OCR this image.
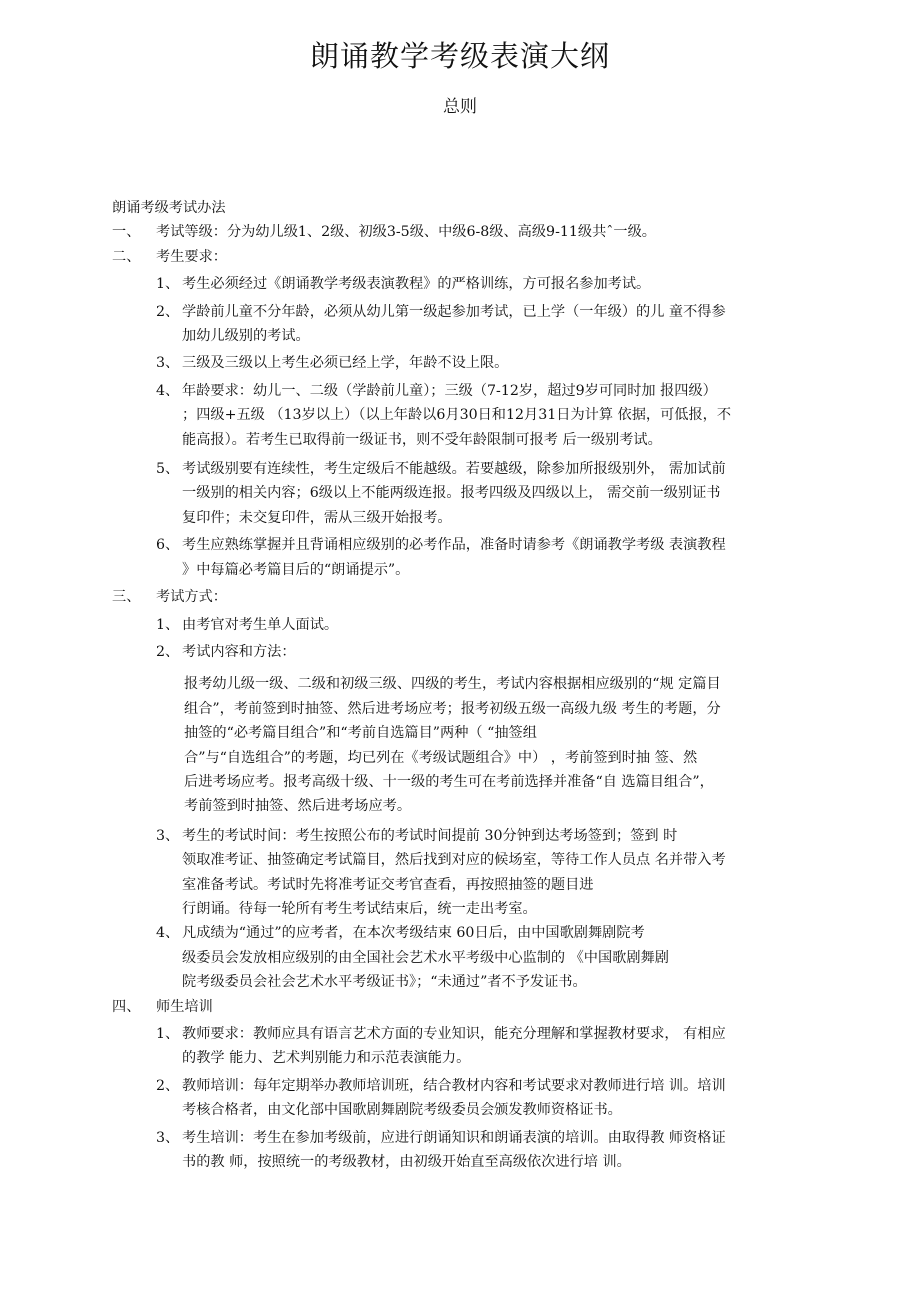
朗诵教学考级表演大纲
总则
朗诵考级考试办法
一、	考试等级：分为幼儿级1、2级、初级3-5级、中级6-8级、高级9-11级共ˆ一级。
二、	考生要求：
1、 考生必须经过《朗诵教学考级表演教程》的严格训练，方可报名参加考试。
2、 学龄前儿童不分年龄，必须从幼儿第一级起参加考试，已上学（一年级）的儿 童不得参
加幼儿级别的考试。
3、 三级及三级以上考生必须已经上学，年龄不设上限。
4、 年龄要求：幼儿一、二级（学龄前儿童）；三级（7-12岁，超过9岁可同时加 报四级）
；四级+五级 （13岁以上）（以上年龄以6月30日和12月31日为计算 依据，可低报，不
能高报）。若考生已取得前一级证书，则不受年龄限制可报考 后一级别考试。
5、 考试级别要有连续性，考生定级后不能越级。若要越级，除参加所报级别外， 需加试前
一级别的相关内容；6级以上不能两级连报。报考四级及四级以上， 需交前一级别证书
复印件；未交复印件，需从三级开始报考。
6、 考生应熟练掌握并且背诵相应级别的必考作品，准备时请参考《朗诵教学考级 表演教程
》中每篇必考篇目后的“朗诵提示”。
三、	考试方式：
1、 由考官对考生单人面试。
2、 考试内容和方法：
报考幼儿级一级、二级和初级三级、四级的考生，考试内容根据相应级别的“规 定篇目
组合”，考前签到时抽签、然后进考场应考；报考初级五级一高级九级 考生的考题，分
抽签的“必考篇目组合”和“考前自选篇目”两种（ “抽签组
合”与“自选组合”的考题，均已列在《考级试题组合》中） ，考前签到时抽 签、然
后进考场应考。报考高级十级、十一级的考生可在考前选择并准备“自 选篇目组合”，
考前签到时抽签、然后进考场应考。
3、 考生的考试时间：考生按照公布的考试时间提前 30分钟到达考场签到；签到 时
领取准考证、抽签确定考试篇目，然后找到对应的候场室，等待工作人员点 名并带入考
室准备考试。考试时先将准考证交考官查看，再按照抽签的题目进
行朗诵。待每一轮所有考生考试结束后，统一走出考室。
4、 凡成绩为“通过”的应考者，在本次考级结束 60日后，由中国歌剧舞剧院考
级委员会发放相应级别的由全国社会艺术水平考级中心监制的 《中国歌剧舞剧
院考级委员会社会艺术水平考级证书》；“未通过”者不予发证书。
四、	师生培训
1、 教师要求：教师应具有语言艺术方面的专业知识，能充分理解和掌握教材要求， 有相应
的教学 能力、艺术判别能力和示范表演能力。
2、 教师培训：每年定期举办教师培训班，结合教材内容和考试要求对教师进行培 训。培训
考核合格者，由文化部中国歌剧舞剧院考级委员会颁发教师资格证书。
3、 考生培训：考生在参加考级前，应进行朗诵知识和朗诵表演的培训。由取得教 师资格证
书的教 师，按照统一的考级教材，由初级开始直至高级依次进行培 训。
